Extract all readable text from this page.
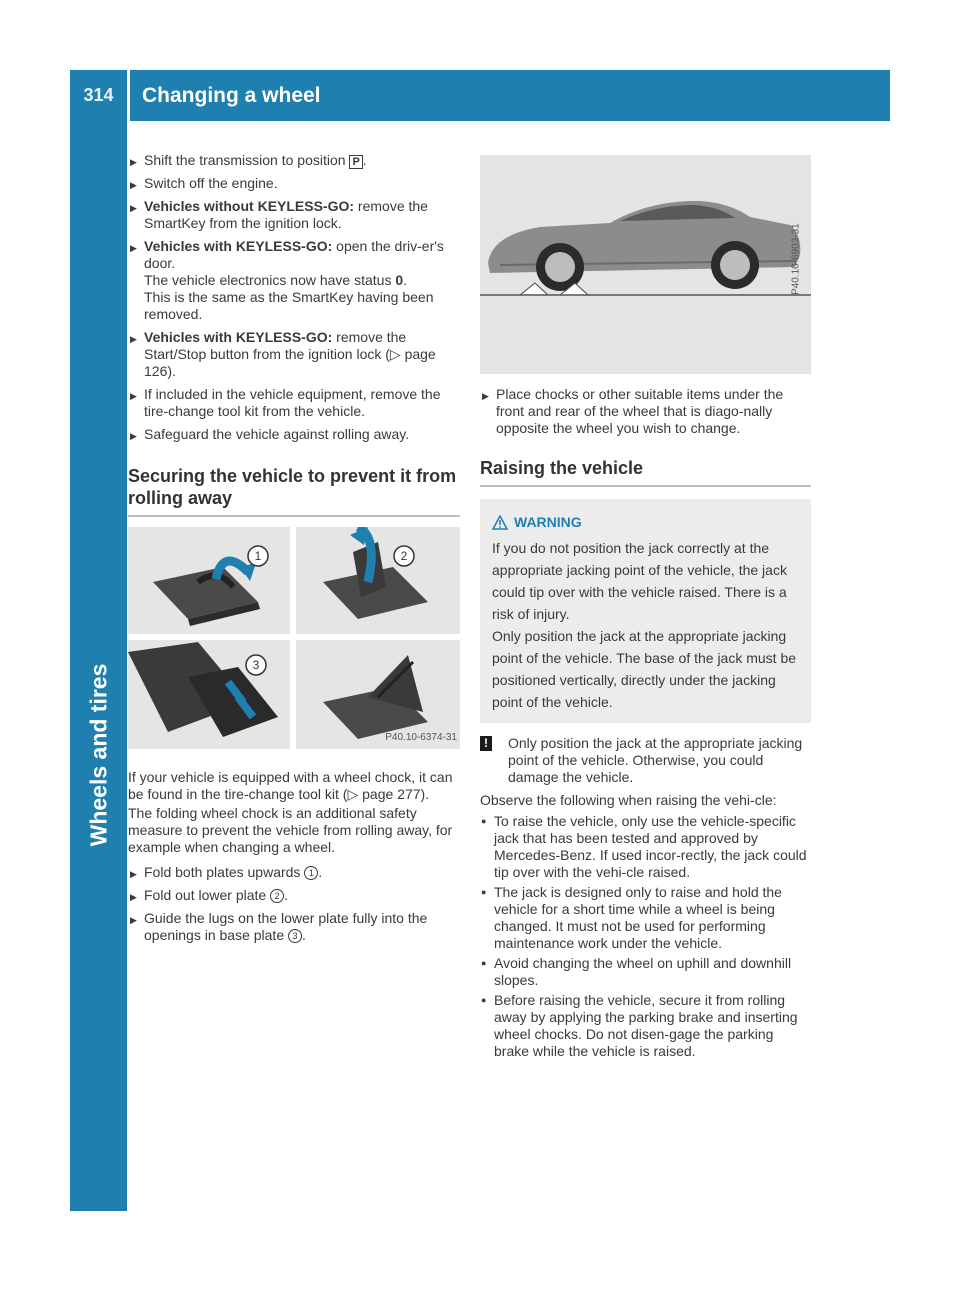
314	Changing a wheel
Wheels and tires
▶ Shift the transmission to position P .
▶ Switch off the engine.
▶ Vehicles without KEYLESS-GO: remove the SmartKey from the ignition lock.
▶ Vehicles with KEYLESS-GO: open the driv-er's door.
The vehicle electronics now have status 0.
This is the same as the SmartKey having been removed.
▶ Vehicles with KEYLESS-GO: remove the Start/Stop button from the ignition lock (▷ page 126).
▶ If included in the vehicle equipment, remove the tire-change tool kit from the vehicle.
▶ Safeguard the vehicle against rolling away.
Securing the vehicle to prevent it from rolling away
1	2
3
P40.10-6374-31
If your vehicle is equipped with a wheel chock, it can be found in the tire-change tool kit (▷ page 277).
The folding wheel chock is an additional safety measure to prevent the vehicle from rolling away, for example when changing a wheel.
▶ Fold both plates upwards 1 .
▶ Fold out lower plate 2 .
▶ Guide the lugs on the lower plate fully into the openings in base plate 3 .
P40.10-6903-31
▶ Place chocks or other suitable items under the front and rear of the wheel that is diago-nally opposite the wheel you wish to change.
Raising the vehicle
WARNING
If you do not position the jack correctly at the appropriate jacking point of the vehicle, the jack could tip over with the vehicle raised. There is a risk of injury.
Only position the jack at the appropriate jacking point of the vehicle. The base of the jack must be positioned vertically, directly under the jacking point of the vehicle.
! Only position the jack at the appropriate jacking point of the vehicle. Otherwise, you could damage the vehicle.
Observe the following when raising the vehi-cle:
● To raise the vehicle, only use the vehicle-specific jack that has been tested and approved by Mercedes-Benz. If used incor-rectly, the jack could tip over with the vehi-cle raised.
● The jack is designed only to raise and hold the vehicle for a short time while a wheel is being changed. It must not be used for performing maintenance work under the vehicle.
● Avoid changing the wheel on uphill and downhill slopes.
● Before raising the vehicle, secure it from rolling away by applying the parking brake and inserting wheel chocks. Do not disen-gage the parking brake while the vehicle is raised.
